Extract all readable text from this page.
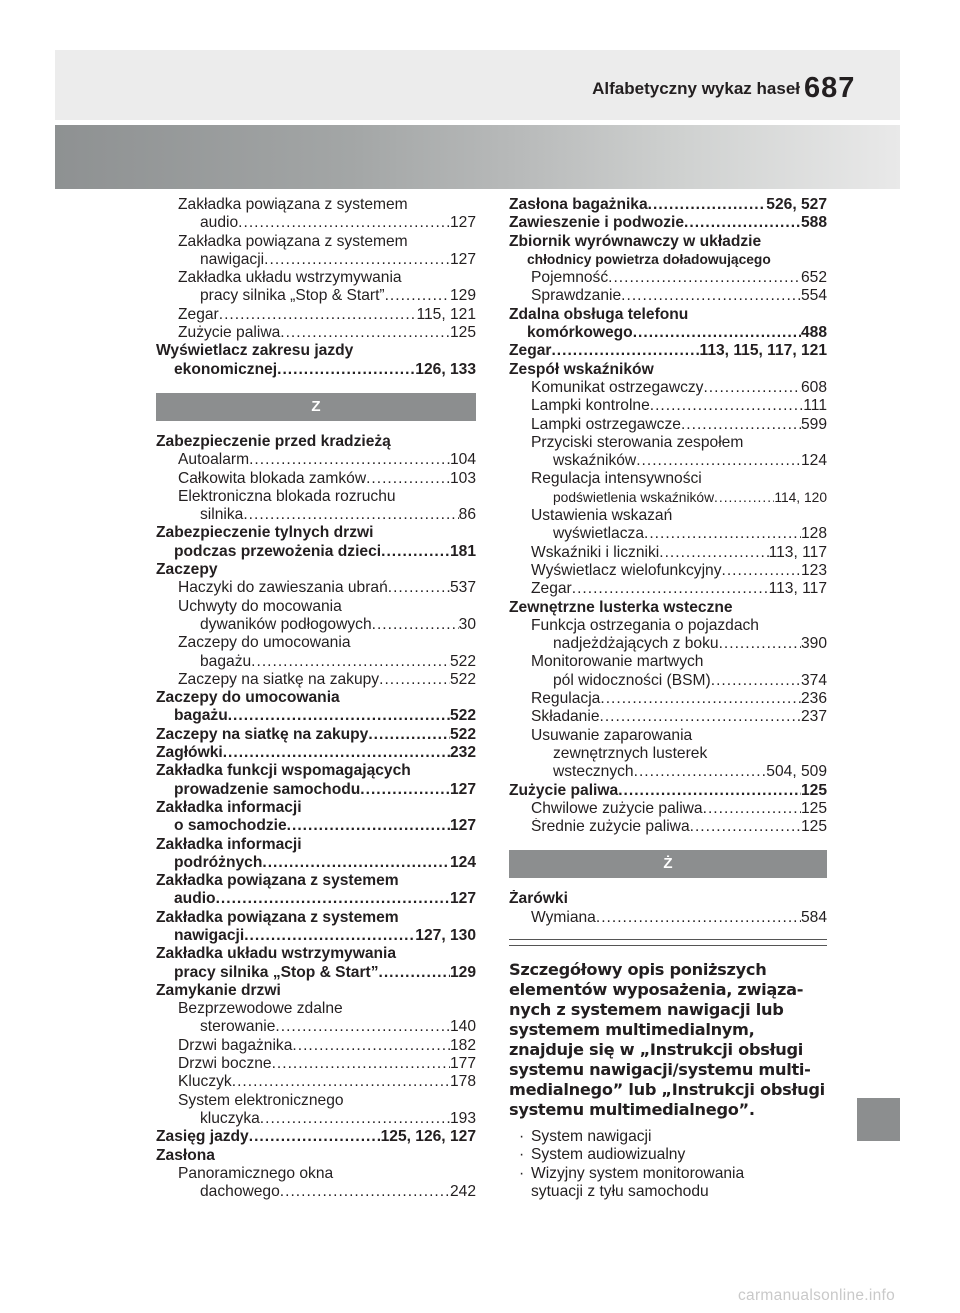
Alfabetyczny wykaz haseł 687
Zakładka powiązana z systemem
audio .....	127
Zakładka powiązana z systemem
nawigacji .....	127
Zakładka układu wstrzymywania
pracy silnika „Stop & Start” .....	129
Zegar .....	115, 121
Zużycie paliwa .....	125
Wyświetlacz zakresu jazdy
ekonomicznej .....	126, 133
Z
Zabezpieczenie przed kradzieżą
Autoalarm .....	104
Całkowita blokada zamków .....	103
Elektroniczna blokada rozruchu
silnika .....	86
Zabezpieczenie tylnych drzwi
podczas przewożenia dzieci .....	181
Zaczepy
Haczyki do zawieszania ubrań .....	537
Uchwyty do mocowania
dywaników podłogowych .....	30
Zaczepy do umocowania
bagażu .....	522
Zaczepy na siatkę na zakupy .....	522
Zaczepy do umocowania
bagażu .....	522
Zaczepy na siatkę na zakupy .....	522
Zagłówki .....	232
Zakładka funkcji wspomagających
prowadzenie samochodu .....	127
Zakładka informacji
o samochodzie .....	127
Zakładka informacji
podróżnych .....	124
Zakładka powiązana z systemem
audio .....	127
Zakładka powiązana z systemem
nawigacji .....	127, 130
Zakładka układu wstrzymywania
pracy silnika „Stop & Start” .....	129
Zamykanie drzwi
Bezprzewodowe zdalne
sterowanie .....	140
Drzwi bagażnika .....	182
Drzwi boczne .....	177
Kluczyk .....	178
System elektronicznego
kluczyka .....	193
Zasięg jazdy .....	125, 126, 127
Zasłona
Panoramicznego okna
dachowego .....	242
Zasłona bagażnika .....	526, 527
Zawieszenie i podwozie .....	588
Zbiornik wyrównawczy w układzie
chłodnicy powietrza doładowującego
Pojemność .....	652
Sprawdzanie .....	554
Zdalna obsługa telefonu
komórkowego .....	488
Zegar .....	113, 115, 117, 121
Zespół wskaźników
Komunikat ostrzegawczy .....	608
Lampki kontrolne .....	111
Lampki ostrzegawcze .....	599
Przyciski sterowania zespołem
wskaźników .....	124
Regulacja intensywności
podświetlenia wskaźników .....	114, 120
Ustawienia wskazań
wyświetlacza .....	128
Wskaźniki i liczniki .....	113, 117
Wyświetlacz wielofunkcyjny .....	123
Zegar .....	113, 117
Zewnętrzne lusterka wsteczne
Funkcja ostrzegania o pojazdach
nadjeżdżających z boku .....	390
Monitorowanie martwych
pól widoczności (BSM) .....	374
Regulacja .....	236
Składanie .....	237
Usuwanie zaparowania
zewnętrznych lusterek
wstecznych .....	504, 509
Zużycie paliwa .....	125
Chwilowe zużycie paliwa .....	125
Średnie zużycie paliwa .....	125
Ż
Żarówki
Wymiana .....	584
Szczegółowy opis poniższych
elementów wyposażenia, związa-
nych z systemem nawigacji lub
systemem multimedialnym,
znajduje się w „Instrukcji obsługi
systemu nawigacji/systemu multi-
medialnego” lub „Instrukcji obsługi
systemu multimedialnego”.
· System nawigacji
· System audiowizualny
· Wizyjny system monitorowania
sytuacji z tyłu samochodu
carmanualsonline.info
